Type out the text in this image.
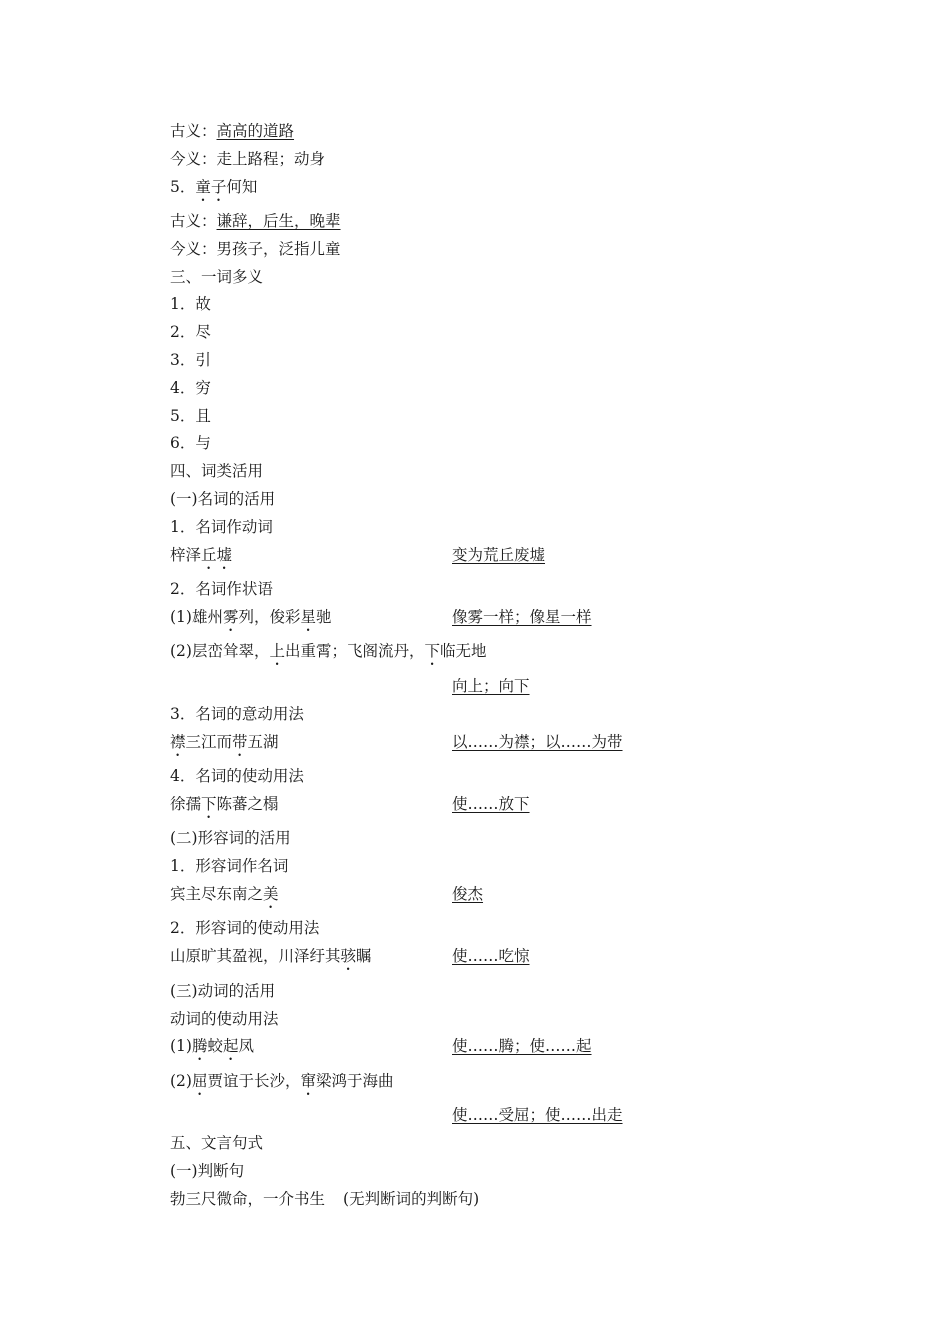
古义：高高的道路
今义：走上路程；动身
5．童子何知
古义：谦辞，后生，晚辈
今义：男孩子，泛指儿童
三、一词多义
1．故
2．尽
3．引
4．穷
5．且
6．与
四、词类活用
(一)名词的活用
1．名词作动词
梓泽丘墟	变为荒丘废墟
2．名词作状语
(1)雄州雾列，俊彩星驰	像雾一样；像星一样
(2)层峦耸翠，上出重霄；飞阁流丹，下临无地
向上；向下
3．名词的意动用法
襟三江而带五湖	以……为襟；以……为带
4．名词的使动用法
徐孺下陈蕃之榻	使……放下
(二)形容词的活用
1．形容词作名词
宾主尽东南之美	俊杰
2．形容词的使动用法
山原旷其盈视，川泽纡其骇瞩	使……吃惊
(三)动词的活用
动词的使动用法
(1)腾蛟起凤	使……腾；使……起
(2)屈贾谊于长沙，窜梁鸿于海曲
使……受屈；使……出走
五、文言句式
(一)判断句
勃三尺微命，一介书生 (无判断词的判断句)
